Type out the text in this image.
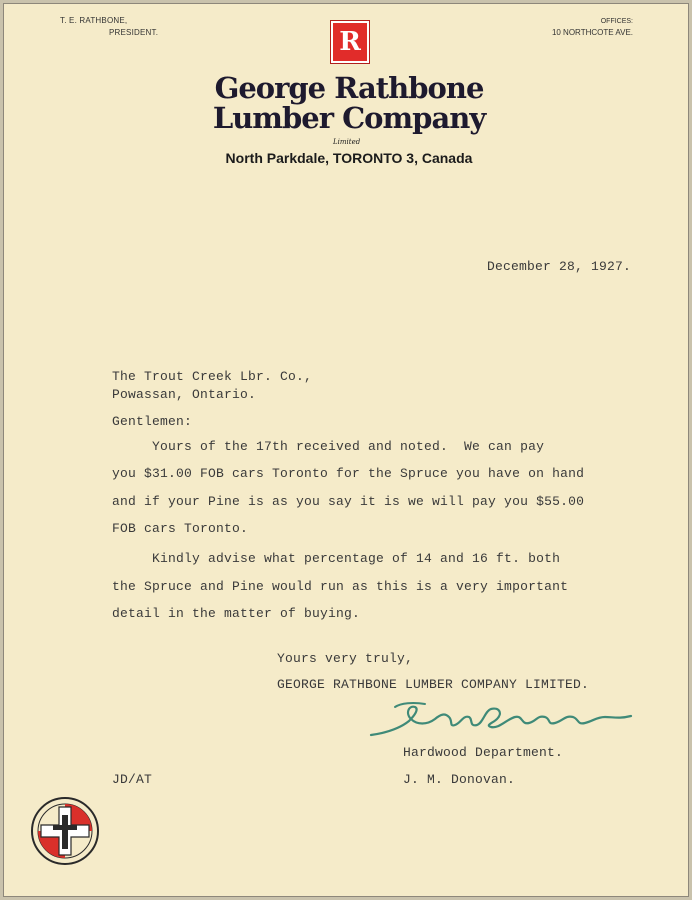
T. E. RATHBONE,
PRESIDENT.
OFFICES:
10 NORTHCOTE AVE.
R
George Rathbone
Lumber Company
Limited
North Parkdale, TORONTO 3, Canada
December 28, 1927.
The Trout Creek Lbr. Co.,
Powassan, Ontario.
Gentlemen:
Yours of the 17th received and noted.  We can pay
you $31.00 FOB cars Toronto for the Spruce you have on hand
and if your Pine is as you say it is we will pay you $55.00
FOB cars Toronto.
Kindly advise what percentage of 14 and 16 ft. both
the Spruce and Pine would run as this is a very important
detail in the matter of buying.
Yours very truly,
GEORGE RATHBONE LUMBER COMPANY LIMITED.
Hardwood Department.
JD/AT	J. M. Donovan.
